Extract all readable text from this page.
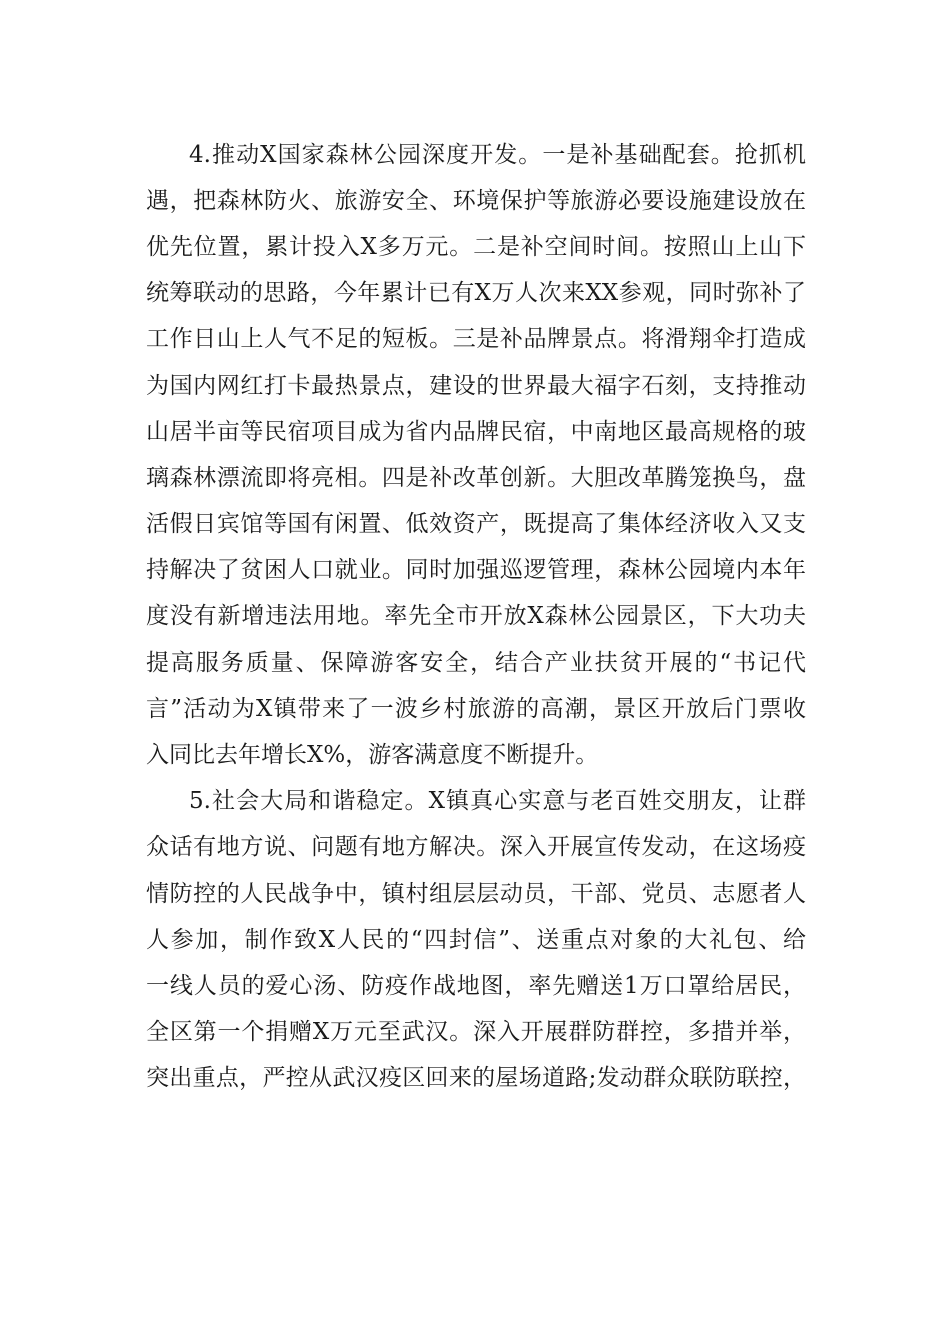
4.推动X国家森林公园深度开发。一是补基础配套。抢抓机
遇，把森林防火、旅游安全、环境保护等旅游必要设施建设放在
优先位置，累计投入X多万元。二是补空间时间。按照山上山下
统筹联动的思路，今年累计已有X万人次来XX参观，同时弥补了
工作日山上人气不足的短板。三是补品牌景点。将滑翔伞打造成
为国内网红打卡最热景点，建设的世界最大福字石刻，支持推动
山居半亩等民宿项目成为省内品牌民宿，中南地区最高规格的玻
璃森林漂流即将亮相。四是补改革创新。大胆改革腾笼换鸟，盘
活假日宾馆等国有闲置、低效资产，既提高了集体经济收入又支
持解决了贫困人口就业。同时加强巡逻管理，森林公园境内本年
度没有新增违法用地。率先全市开放X森林公园景区，下大功夫
提高服务质量、保障游客安全，结合产业扶贫开展的“书记代
言”活动为X镇带来了一波乡村旅游的高潮，景区开放后门票收
入同比去年增长X%，游客满意度不断提升。
5.社会大局和谐稳定。X镇真心实意与老百姓交朋友，让群
众话有地方说、问题有地方解决。深入开展宣传发动，在这场疫
情防控的人民战争中，镇村组层层动员，干部、党员、志愿者人
人参加，制作致X人民的“四封信”、送重点对象的大礼包、给
一线人员的爱心汤、防疫作战地图，率先赠送1万口罩给居民，
全区第一个捐赠X万元至武汉。深入开展群防群控，多措并举，
突出重点，严控从武汉疫区回来的屋场道路;发动群众联防联控，
